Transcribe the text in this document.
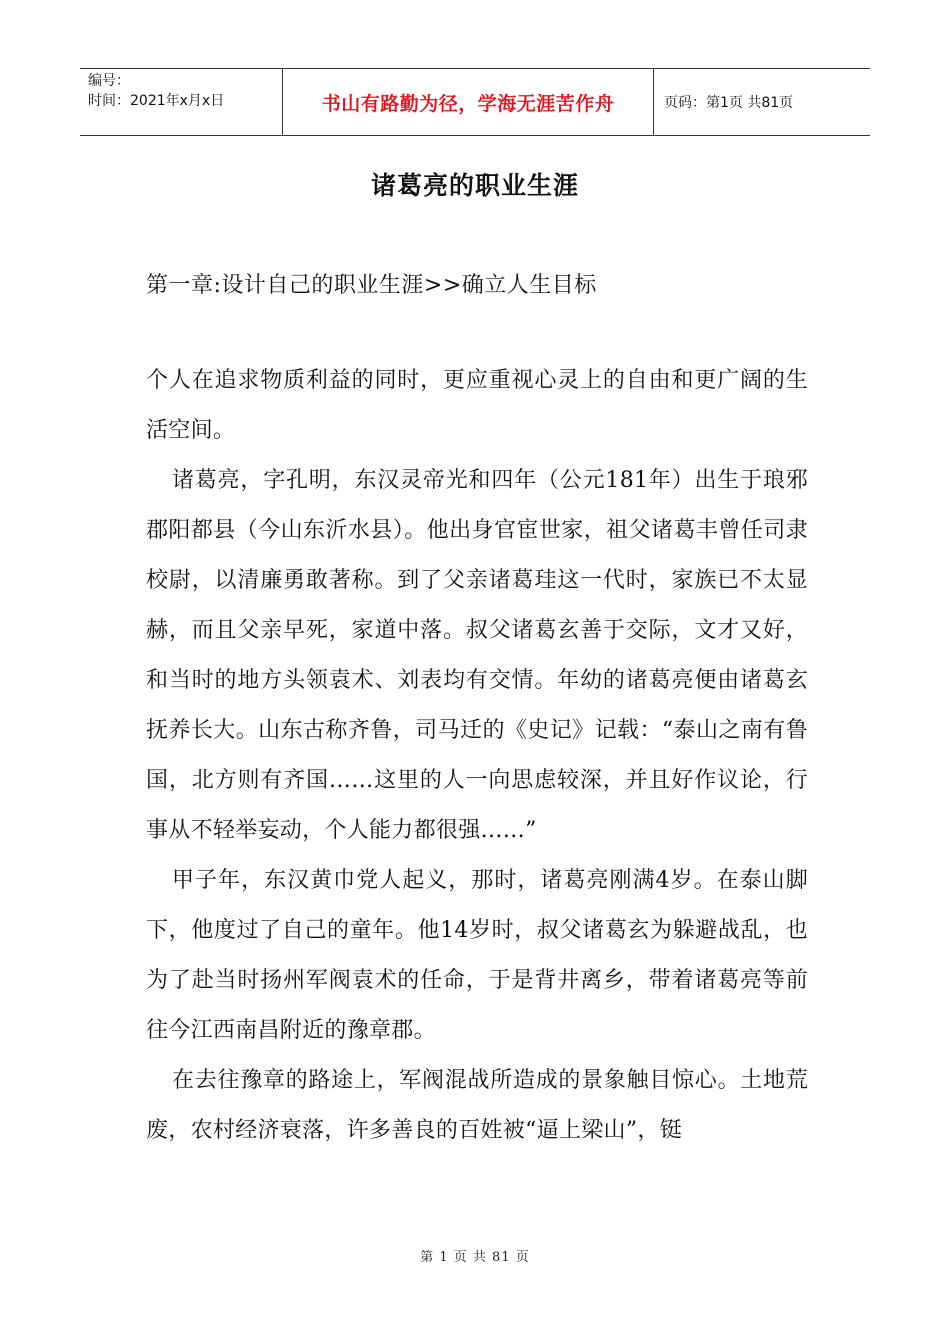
编号：
时间：2021年x月x日	书山有路勤为径，学海无涯苦作舟	页码：第1页 共81页
诸葛亮的职业生涯
第一章:设计自己的职业生涯>>确立人生目标

个人在追求物质利益的同时，更应重视心灵上的自由和更广阔的生活空间。

诸葛亮，字孔明，东汉灵帝光和四年（公元181年）出生于琅邪郡阳都县（今山东沂水县）。他出身官宦世家，祖父诸葛丰曾任司隶校尉，以清廉勇敢著称。到了父亲诸葛珪这一代时，家族已不太显赫，而且父亲早死，家道中落。叔父诸葛玄善于交际，文才又好，和当时的地方头领袁术、刘表均有交情。年幼的诸葛亮便由诸葛玄抚养长大。山东古称齐鲁，司马迁的《史记》记载：“泰山之南有鲁国，北方则有齐国……这里的人一向思虑较深，并且好作议论，行事从不轻举妄动，个人能力都很强……”

甲子年，东汉黄巾党人起义，那时，诸葛亮刚满4岁。在泰山脚下，他度过了自己的童年。他14岁时，叔父诸葛玄为躲避战乱，也为了赴当时扬州军阀袁术的任命，于是背井离乡，带着诸葛亮等前往今江西南昌附近的豫章郡。

在去往豫章的路途上，军阀混战所造成的景象触目惊心。土地荒废，农村经济衰落，许多善良的百姓被“逼上梁山”，铤

第 1 页 共 81 页
